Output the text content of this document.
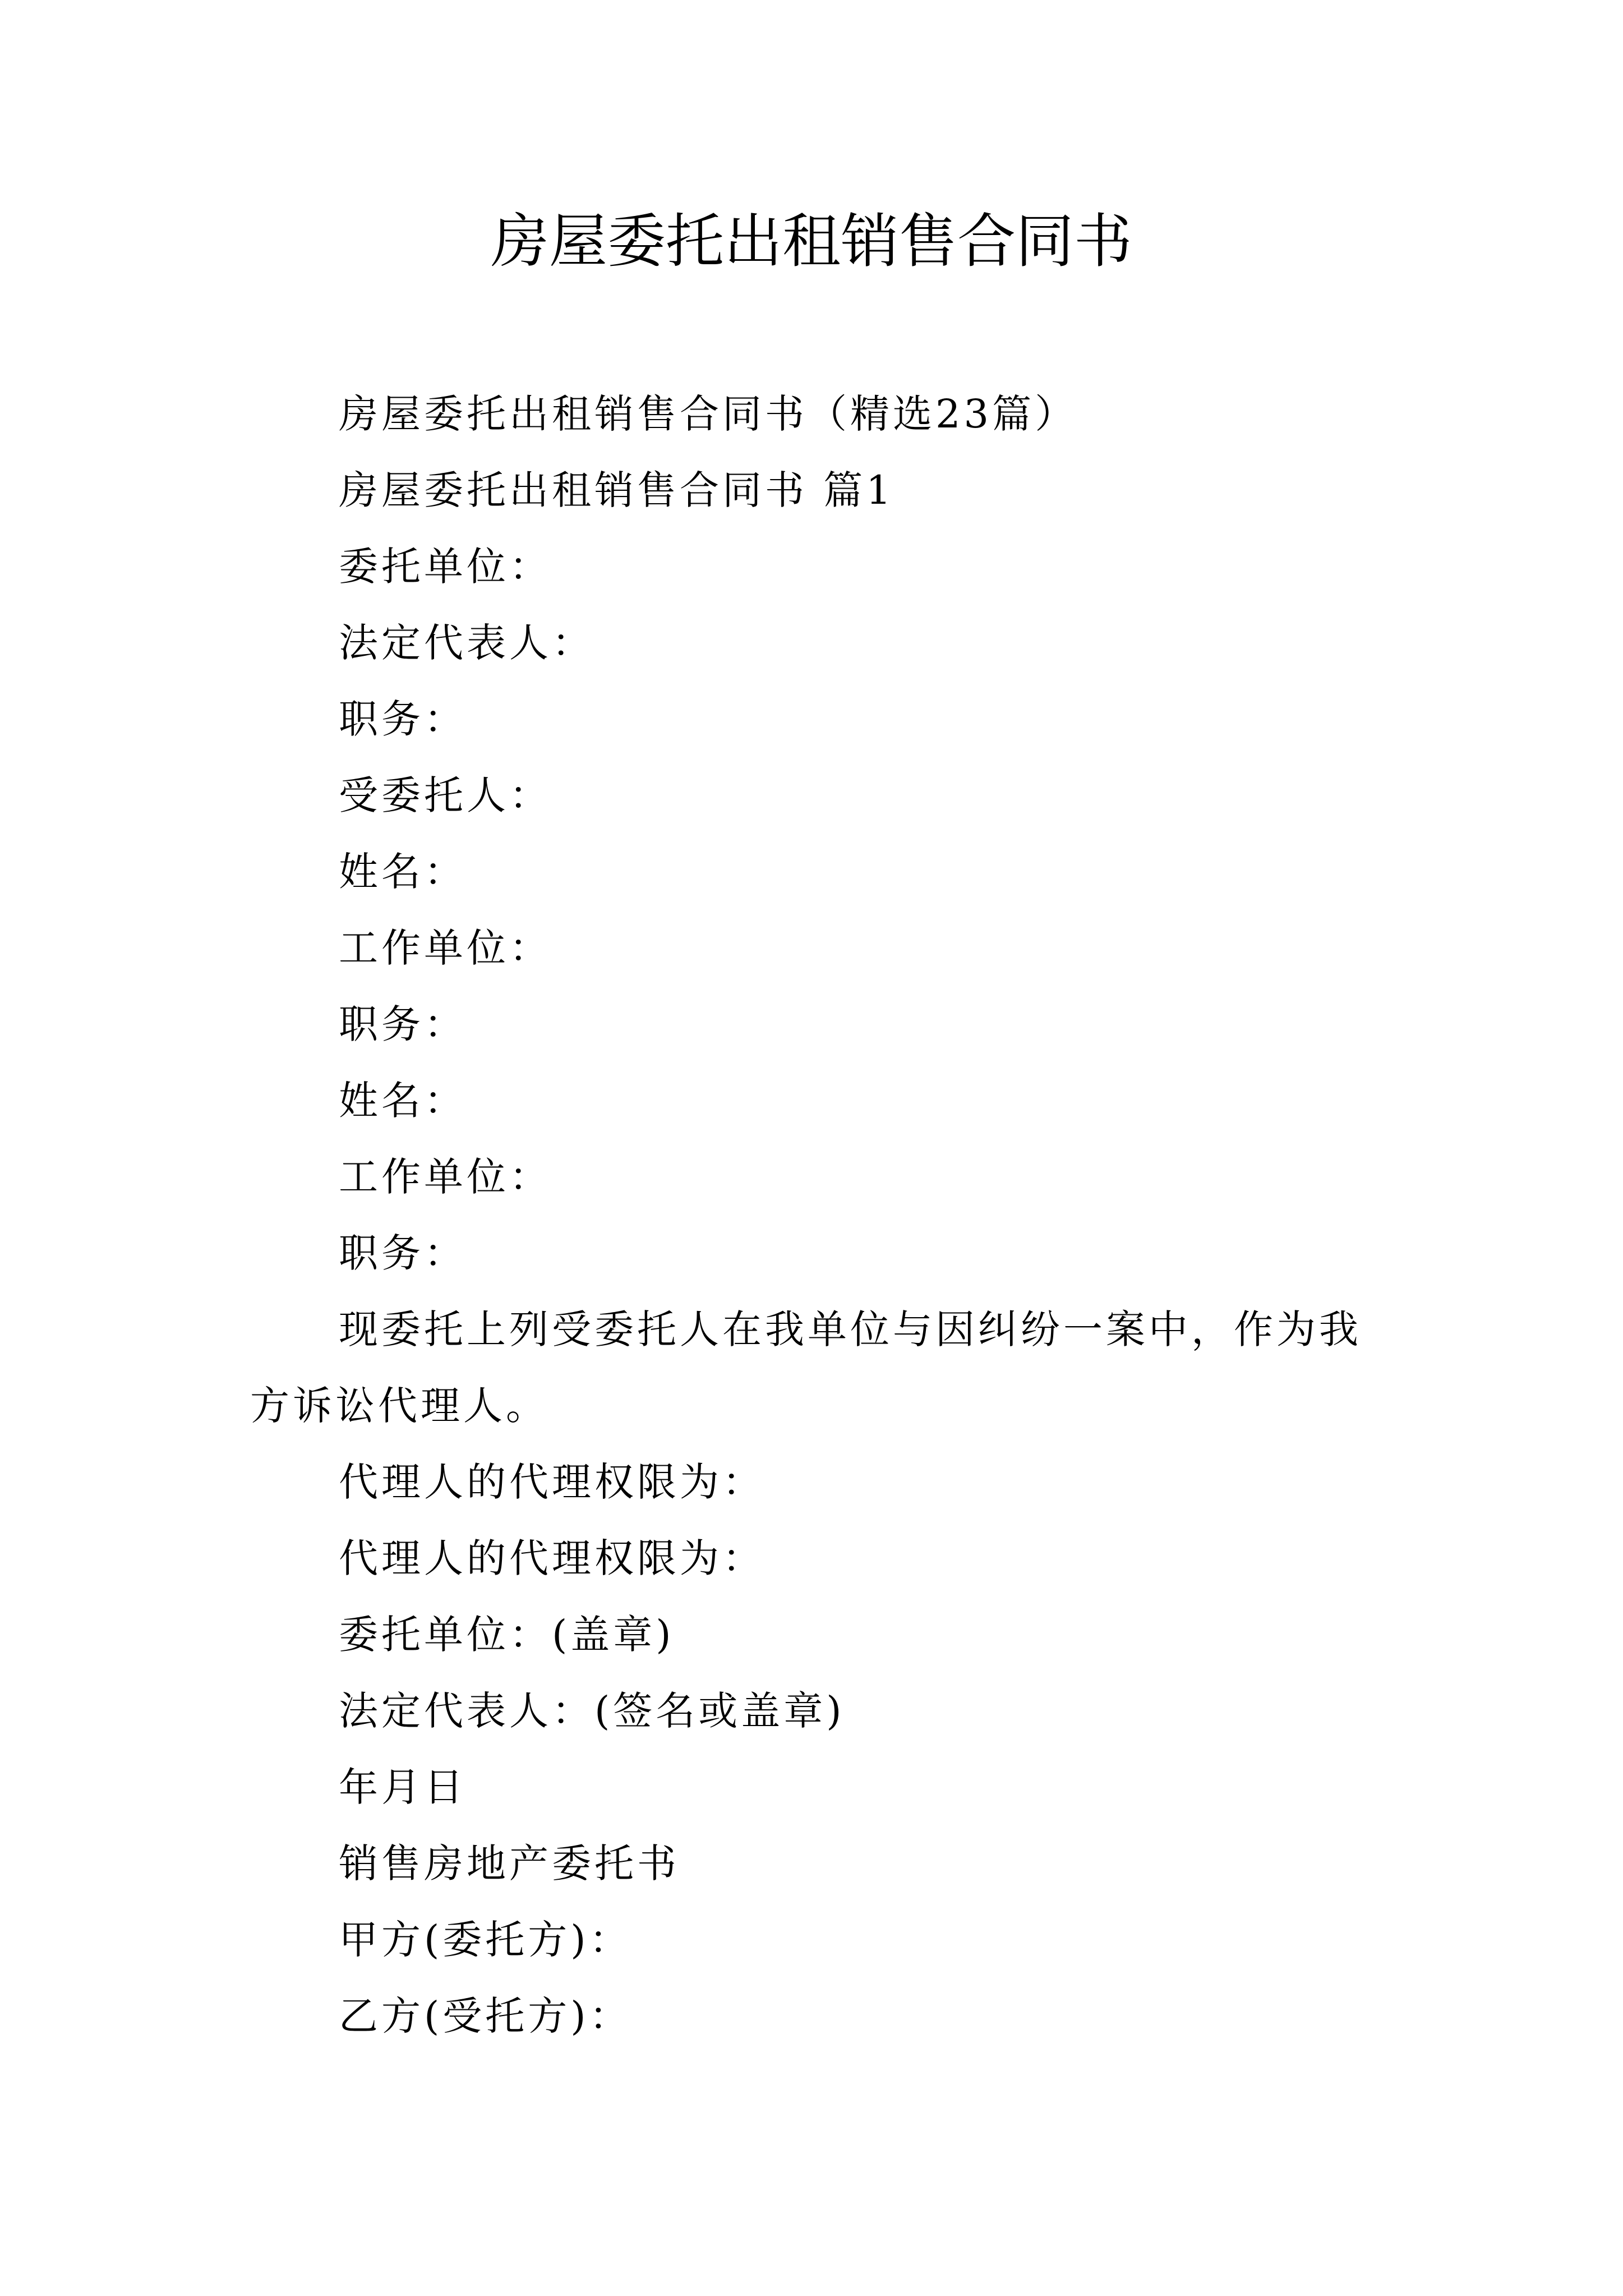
房屋委托出租销售合同书

房屋委托出租销售合同书（精选23篇）

房屋委托出租销售合同书 篇1

委托单位：

法定代表人：

职务：

受委托人：

姓名：

工作单位：

职务：

姓名：

工作单位：

职务：

现委托上列受委托人在我单位与因纠纷一案中，作为我方诉讼代理人。

代理人的代理权限为：

代理人的代理权限为：

委托单位：(盖章)

法定代表人：(签名或盖章)

年月日

销售房地产委托书

甲方(委托方)：

乙方(受托方)：
